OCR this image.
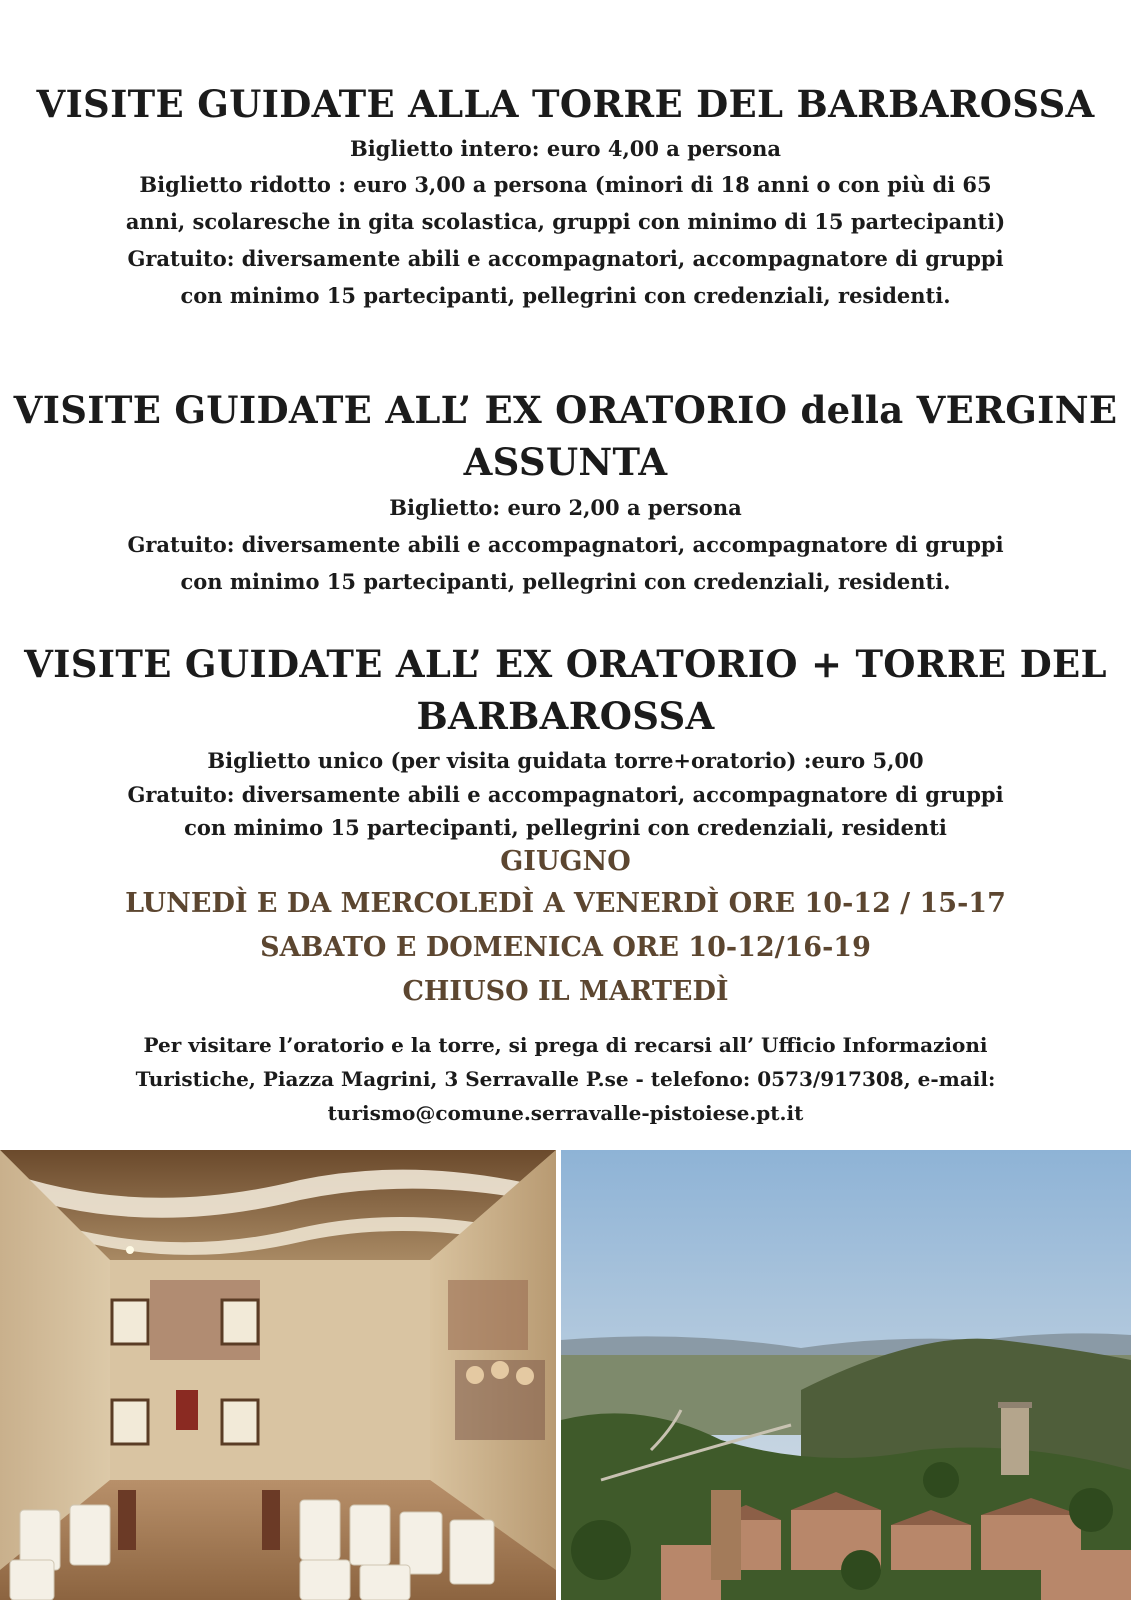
VISITE GUIDATE ALLA TORRE DEL BARBAROSSA
Biglietto intero: euro 4,00 a persona
Biglietto ridotto : euro 3,00 a persona (minori di 18 anni o con più di 65
anni, scolaresche in gita scolastica, gruppi con minimo di 15 partecipanti)
Gratuito: diversamente abili e accompagnatori, accompagnatore di gruppi
con minimo 15 partecipanti, pellegrini con credenziali, residenti.
VISITE GUIDATE ALL’ EX ORATORIO della VERGINE
ASSUNTA
Biglietto: euro 2,00 a persona
Gratuito: diversamente abili e accompagnatori, accompagnatore di gruppi
con minimo 15 partecipanti, pellegrini con credenziali, residenti.
VISITE GUIDATE ALL’ EX ORATORIO + TORRE DEL
BARBAROSSA
Biglietto unico (per visita guidata torre+oratorio) :euro 5,00
Gratuito: diversamente abili e accompagnatori, accompagnatore di gruppi
con minimo 15 partecipanti, pellegrini con credenziali, residenti
GIUGNO
LUNEDÌ E DA MERCOLEDÌ A VENERDÌ ORE 10-12 / 15-17
SABATO E DOMENICA ORE 10-12/16-19
CHIUSO IL MARTEDÌ
Per visitare l’oratorio e la torre, si prega di recarsi all’ Ufficio Informazioni
Turistiche, Piazza Magrini, 3 Serravalle P.se - telefono: 0573/917308, e-mail:
turismo@comune.serravalle-pistoiese.pt.it
